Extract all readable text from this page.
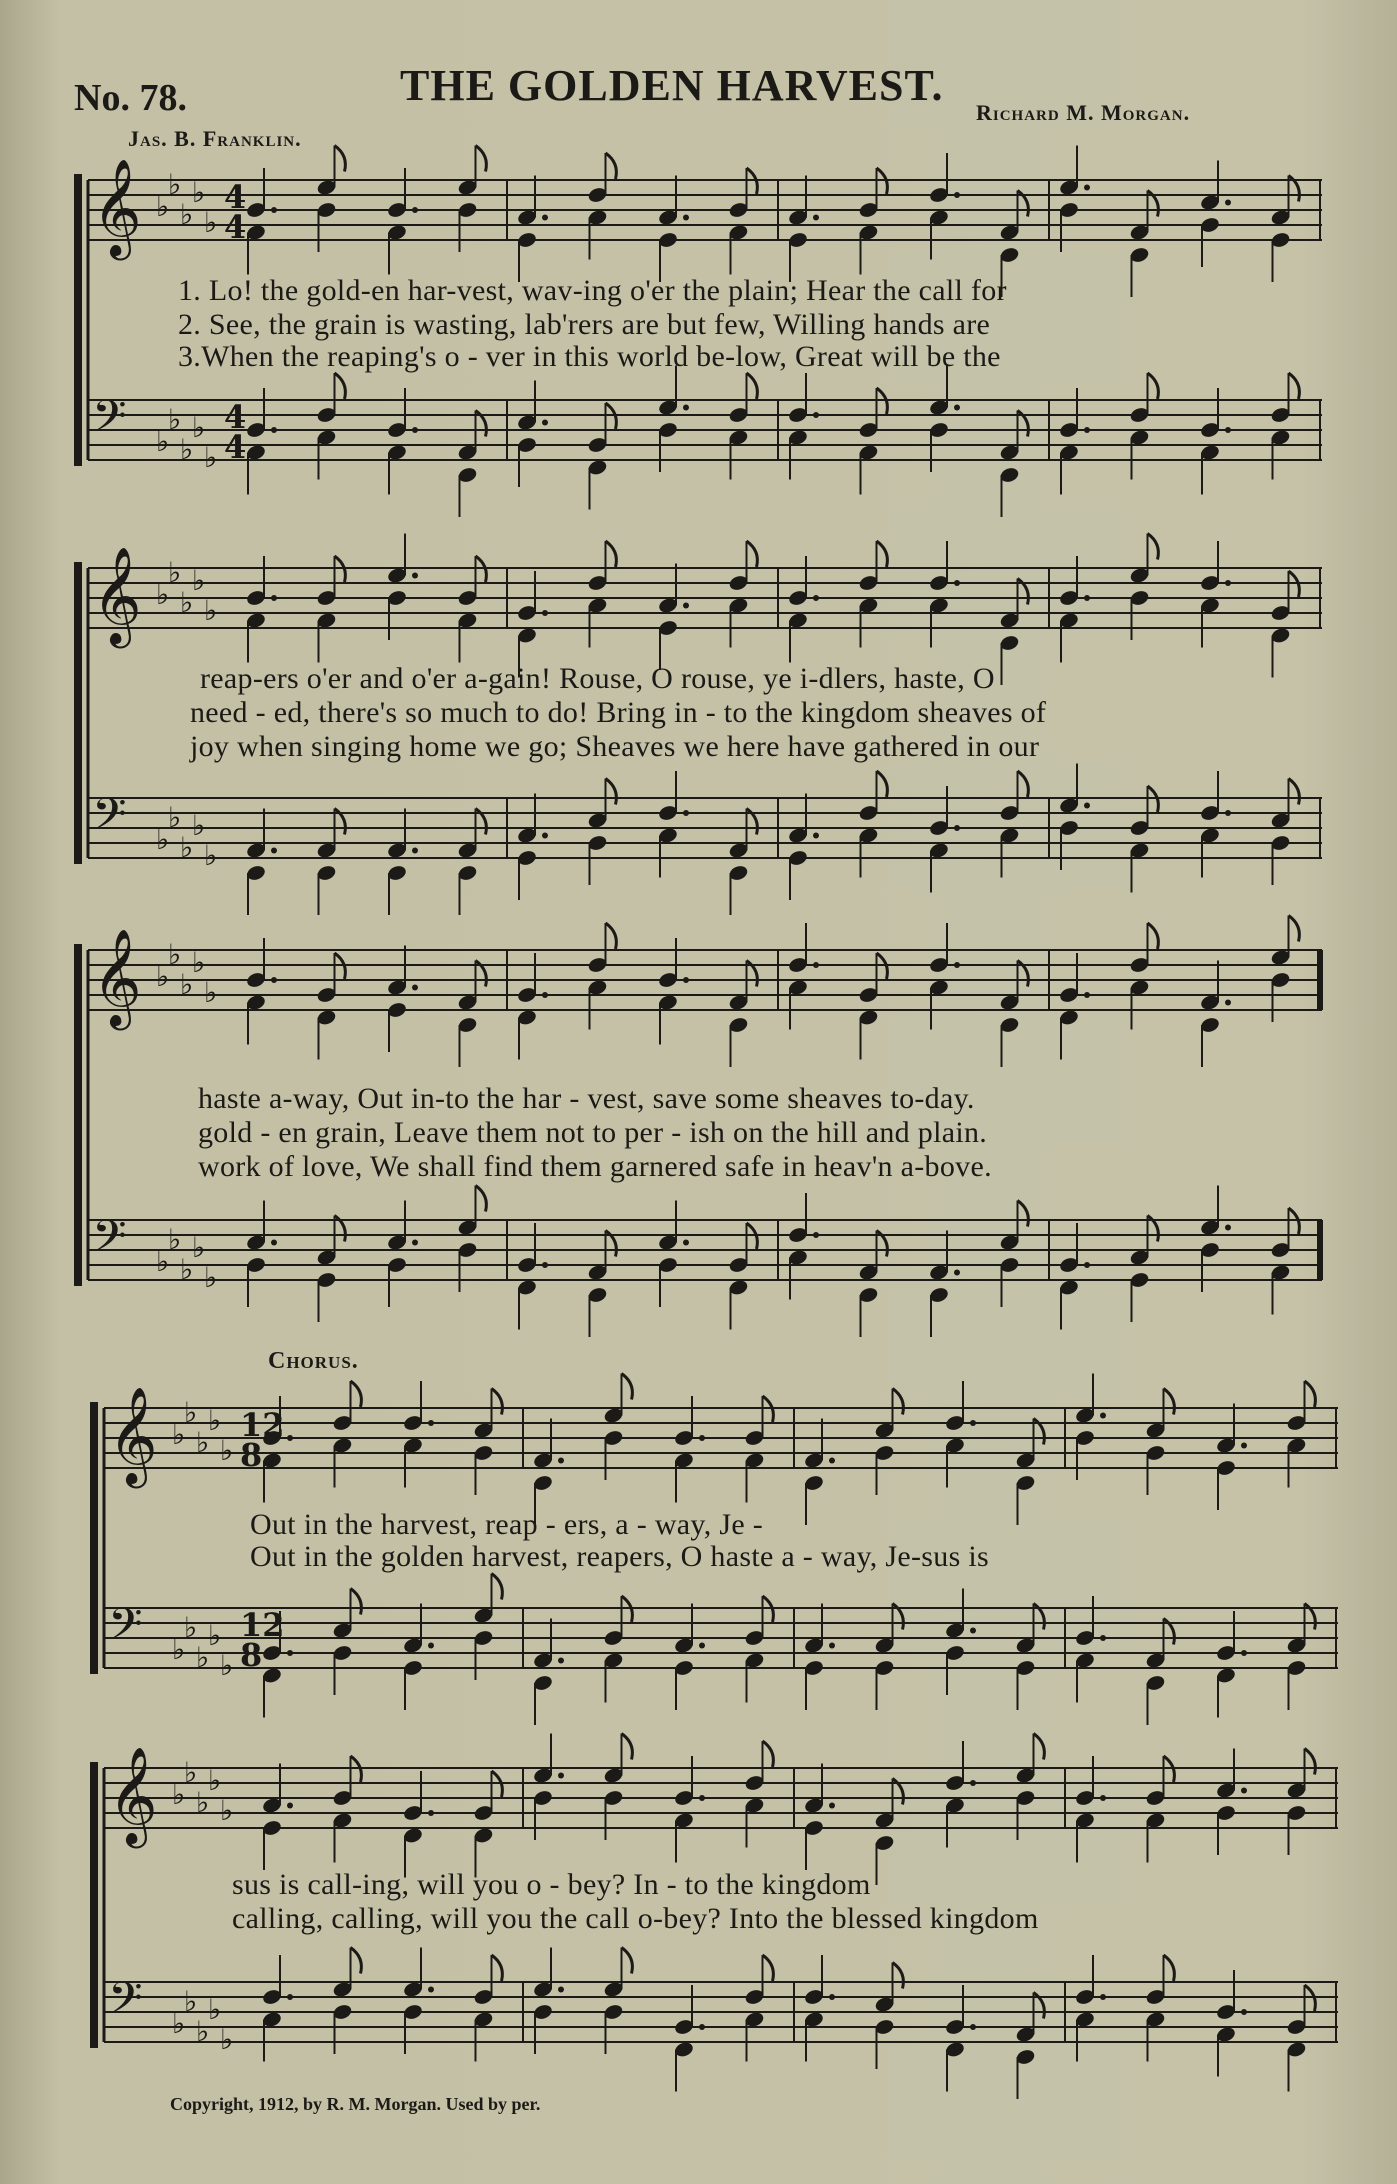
No. 78.	THE GOLDEN HARVEST.
Richard M. Morgan.
Jas. B. Franklin.
𝄞 ♭
♭
♭
♭
♭
𝄢 ♭
♭
♭
♭
♭
4
4
4
4
𝄞 ♭
♭
♭
♭
♭
𝄢 ♭
♭
♭
♭
♭
𝄞 ♭
♭
♭
♭
♭
𝄢 ♭
♭
♭
♭
♭
𝄞 ♭
♭
♭
♭
♭
𝄢 ♭
♭
♭
♭
♭
12
8
12
8
𝄞 ♭
♭
♭
♭
♭
𝄢 ♭
♭
♭
♭
♭
1. Lo! the gold-en har-vest, wav-ing o'er the plain; Hear the call for
2. See, the grain is wasting, lab'rers are but few, Willing hands are
3.When the reaping's o - ver in this world be-low, Great will be the
reap-ers o'er and o'er a-gain! Rouse, O rouse, ye i-dlers, haste, O
need - ed, there's so much to do! Bring in - to the kingdom sheaves of
joy when singing home we go; Sheaves we here have gathered in our
haste a-way, Out in-to the har - vest, save some sheaves to-day.
gold - en grain, Leave them not to per - ish on the hill and plain.
work of love, We shall find them garnered safe in heav'n a-bove.
Chorus.
Out in the harvest, reap - ers, a - way, Je -
Out in the golden harvest, reapers, O haste a - way, Je-sus is
sus is call-ing, will you o - bey? In - to the kingdom
calling, calling, will you the call o-bey? Into the blessed kingdom
Copyright, 1912, by R. M. Morgan. Used by per.
